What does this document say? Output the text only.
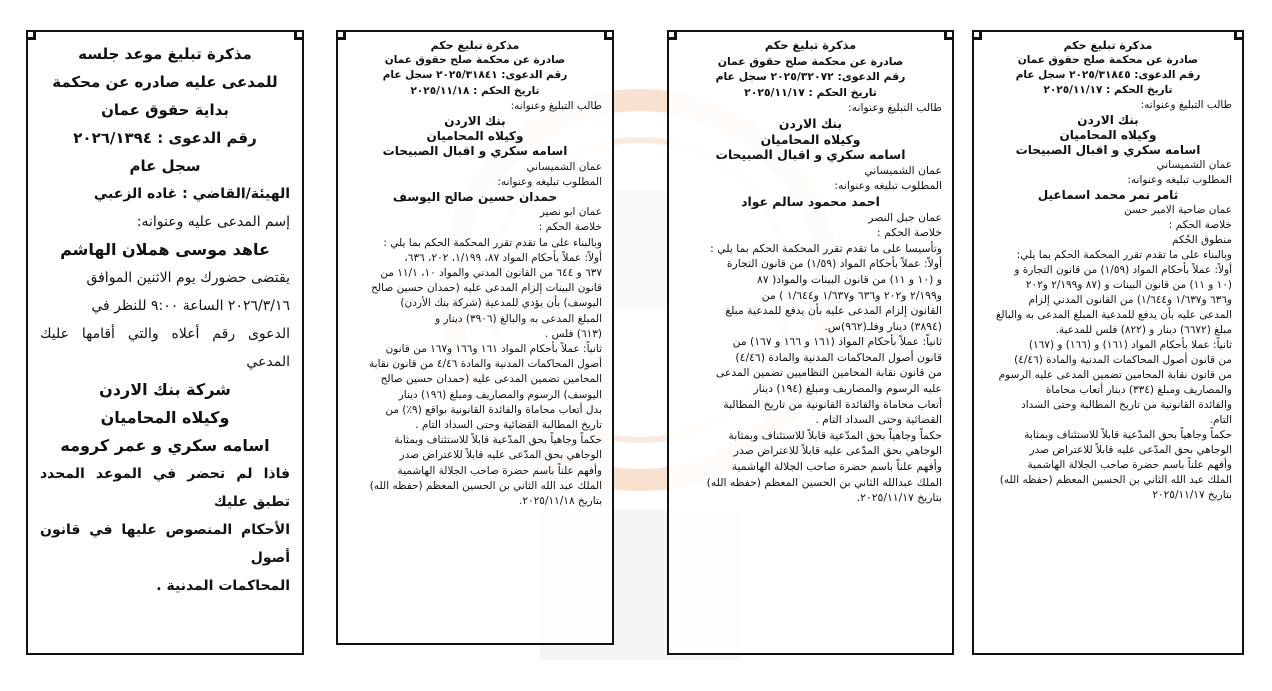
مذكرة تبليغ حكم
صادرة عن محكمة صلح حقوق عمان
رقم الدعوى: ٢٠٢٥/٣١٨٤٥ سجل عام
تاريخ الحكم : ٢٠٢٥/١١/١٧
طالب التبليغ وعنوانه:
بنك الاردن
وكيلاه المحاميان
اسامه سكري و اقبال الصبيحات
عمان الشميساني
المطلوب تبليغه وعنوانه:
ثامر نمر محمد اسماعيل
عمان ضاحية الامير حسن
خلاصة الحكم :
منطوق الحُكم
وبالبناء على ما تقدم تقرر المحكمة الحكم بما يلي:
أولاً: عملاً بأحكام المواد (١/٥٩) من قانون التجارة و
(١٠ و ١١) من قانون البينات و (٨٧ و٢/١٩٩ و٢٠٢
و٦٣٦ و١/٦٣٧ و١/٦٤٤) من القانون المدني إلزام
المدعى عليه بأن يدفع للمدعية المبلغ المدعى به والبالغ
مبلغ (٦٦٧٢) دينار و (٨٢٢) فلس للمدعية.
ثانياً: عملا بأحكام المواد (١٦١) و (١٦٦) و (١٦٧)
من قانون أصول المحاكمات المدنية والمادة (٤/٤٦)
من قانون نقابة المحامين تضمين المدعى عليه الرسوم
والمصاريف ومبلغ (٣٣٤) دينار أتعاب محاماة
والفائدة القانونية من تاريخ المطالبة وحتى السداد
التام.
حكماً وجاهياً بحق المدّعية قابلاً للاستئناف وبمثابة
الوجاهي بحق المدّعى عليه قابلاً للاعتراض صدر
وأفهم علناً باسم حضرة صاحب الجلالة الهاشمية
الملك عبد الله الثاني بن الحسين المعظم (حفظه الله)
بتاريخ ٢٠٢٥/١١/١٧
مذكرة تبليغ حكم
صادرة عن محكمة صلح حقوق عمان
رقم الدعوى: ٢٠٢٥/٣٢٠٧٢ سجل عام
تاريخ الحكم : ٢٠٢٥/١١/١٧
طالب التبليغ وعنوانه:
بنك الاردن
وكيلاه المحاميان
اسامه سكري و اقبال الصبيحات
عمان الشميساني
المطلوب تبليغه وعنوانه:
احمد محمود سالم عواد
عمان جبل النصر
خلاصة الحكم :
وتأسيسا على ما تقدم تقرر المحكمة الحكم بما يلي :
أولاً: عملاً بأحكام المواد (١/٥٩) من قانون التجارة
و (١٠ و ١١) من قانون البينات والمواد( ٨٧
و٢/١٩٩ و٢٠٢ و٦٣٦ و١/٦٣٧ و١/٦٤٤ ) من
القانون إلزام المدعى عليه بأن يدفع للمدعية مبلغ
(٣٨٩٤) دينار وفلـ(٩٦٢)س.
ثانياً: عملاً بأحكام المواد (١٦١ و ١٦٦ و ١٦٧) من
قانون أصول المحاكمات المدنية والمادة (٤/٤٦)
من قانون نقابة المحامين النظاميين تضمين المدعى
عليه الرسوم والمصاريف ومبلغ (١٩٤) دينار
أتعاب محاماة والفائدة القانونية من تاريخ المطالبة
القضائية وحتى السداد التام .
حكماً وجاهياً بحق المدّعية قابلاً للاستئناف وبمثابة
الوجاهي بحق المدّعى عليه قابلاً للاعتراض صدر
وأفهم علناً باسم حضرة صاحب الجلالة الهاشمية
الملك عبدالله الثاني بن الحسين المعظم (حفظه الله)
بتاريخ ٢٠٢٥/١١/١٧.
مذكرة تبليغ حكم
صادرة عن محكمة صلح حقوق عمان
رقم الدعوى: ٢٠٢٥/٣١٨٤١ سجل عام
تاريخ الحكم : ٢٠٢٥/١١/١٨
طالب التبليغ وعنوانه:
بنك الاردن
وكيلاه المحاميان
اسامه سكري و اقبال الصبيحات
عمان الشميساني
المطلوب تبليغه وعنوانه:
حمدان حسين صالح اليوسف
عمان ابو نصير
خلاصة الحكم :
وبالبناء على ما تقدم تقرر المحكمة الحكم بما يلي :
أولاً: عملاً بأحكام المواد ٨٧، ١/١٩٩، ٢٠٢، ٦٣٦،
٦٣٧ و ٦٤٤ من القانون المدني والمواد ١٠، ١١/١ من
قانون البينات إلزام المدعى عليه (حمدان حسين صالح
اليوسف) بأن يؤدي للمدعية (شركة بنك الأردن)
المبلغ المدعى به والبالغ (٣٩٠٦) دينار و
(٦١٣) فلس .
ثانياً: عملاً بأحكام المواد ١٦١ و١٦٦ و١٦٧ من قانون
أصول المحاكمات المدنية والمادة ٤/٤٦ من قانون نقابة
المحامين تضمين المدعى عليه (حمدان حسين صالح
اليوسف) الرسوم والمصاريف ومبلغ (١٩٦) دينار
بدل أتعاب محاماة والفائدة القانونية بواقع (٩٪) من
تاريخ المطالبة القضائية وحتى السداد التام .
حكماً وجاهياً بحق المدّعية قابلاً للاستئناف وبمثابة
الوجاهي بحق المدّعى عليه قابلاً للاعتراض صدر
وأفهم علناً باسم حضرة صاحب الجلالة الهاشمية
الملك عبد الله الثاني بن الحسين المعظم (حفظه الله)
بتاريخ ٢٠٢٥/١١/١٨.
مذكرة تبليغ موعد جلسه
للمدعى عليه صادره عن محكمة
بداية حقوق عمان
رقم الدعوى : ٢٠٢٦/١٣٩٤
سجل عام
الهيئة/القاضي : غاده الزعبي
إسم المدعى عليه وعنوانه:
عاهد موسى هملان الهاشم
يقتضى حضورك يوم الاثنين الموافق
٢٠٢٦/٣/١٦ الساعة ٩:٠٠ للنظر في
الدعوى رقم أعلاه والتي أقامها عليك المدعي
شركة بنك الاردن
وكيلاه المحاميان
اسامه سكري و عمر كرومه
فاذا لم تحضر في الموعد المحدد تطبق عليك
الأحكام المنصوص عليها في قانون أصول
المحاكمات المدنية .
